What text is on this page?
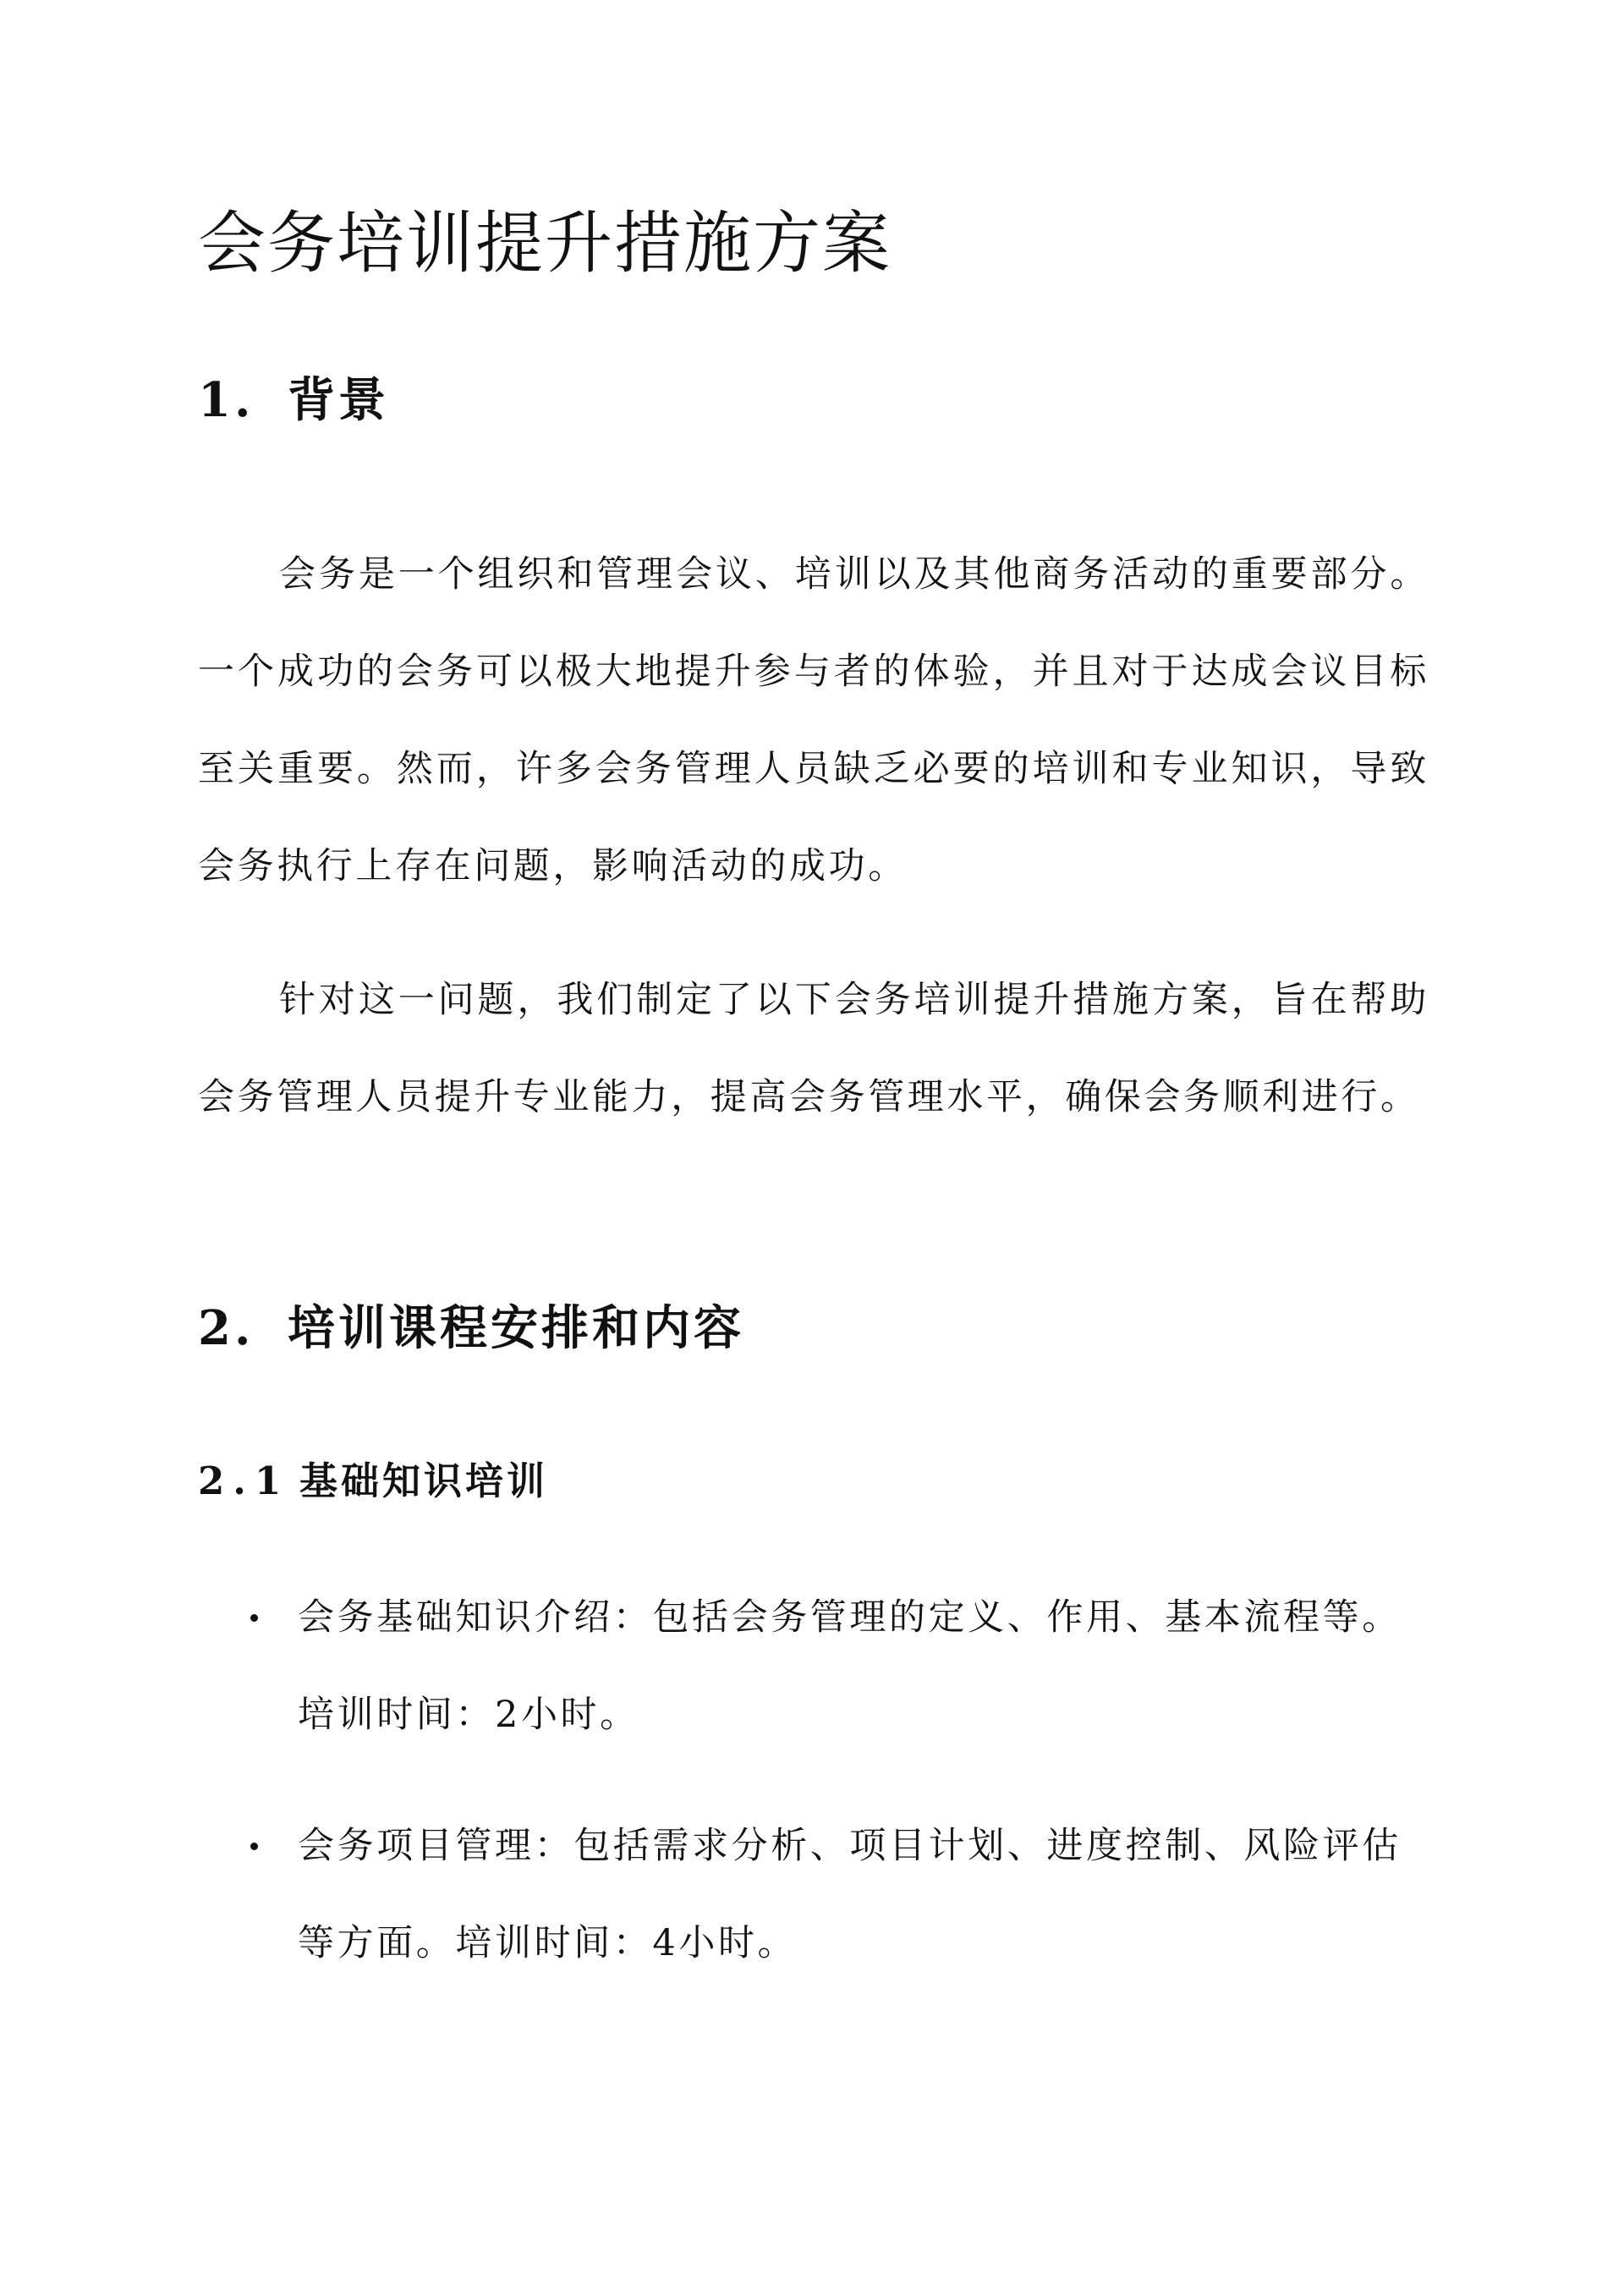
会务培训提升措施方案
1. 背景

会务是一个组织和管理会议、培训以及其他商务活动的重要部分。一个成功的会务可以极大地提升参与者的体验，并且对于达成会议目标至关重要。然而，许多会务管理人员缺乏必要的培训和专业知识，导致会务执行上存在问题，影响活动的成功。

针对这一问题，我们制定了以下会务培训提升措施方案，旨在帮助会务管理人员提升专业能力，提高会务管理水平，确保会务顺利进行。

2. 培训课程安排和内容
2.1 基础知识培训
会务基础知识介绍：包括会务管理的定义、作用、基本流程等。培训时间：2小时。
会务项目管理：包括需求分析、项目计划、进度控制、风险评估等方面。培训时间：4小时。
